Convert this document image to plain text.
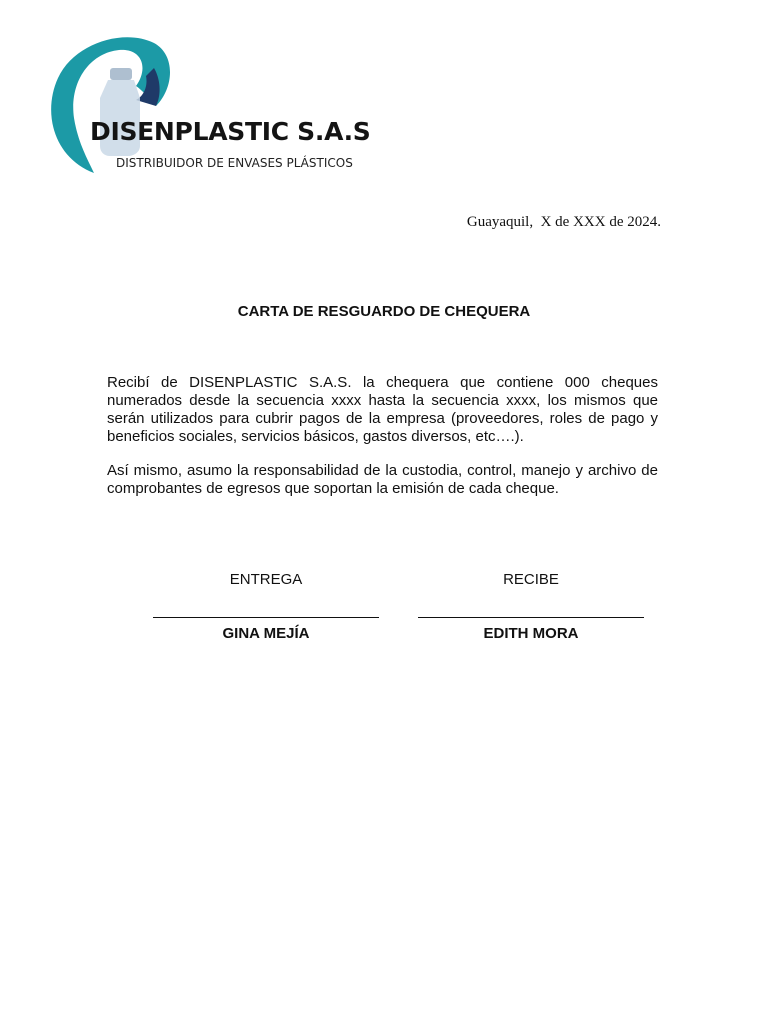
DISENPLASTIC S.A.S
DISTRIBUIDOR DE ENVASES PLÁSTICOS
Guayaquil,  X de XXX de 2024.
CARTA DE RESGUARDO DE CHEQUERA

Recibí de DISENPLASTIC S.A.S. la chequera que contiene 000 cheques numerados desde la secuencia xxxx hasta la secuencia xxxx, los mismos que serán utilizados para cubrir pagos de la empresa (proveedores, roles de pago y beneficios sociales, servicios básicos, gastos diversos, etc….).

Así mismo, asumo la responsabilidad de la custodia, control, manejo y archivo de comprobantes de egresos que soportan la emisión de cada cheque.

ENTREGA
GINA MEJÍA
RECIBE
EDITH MORA
